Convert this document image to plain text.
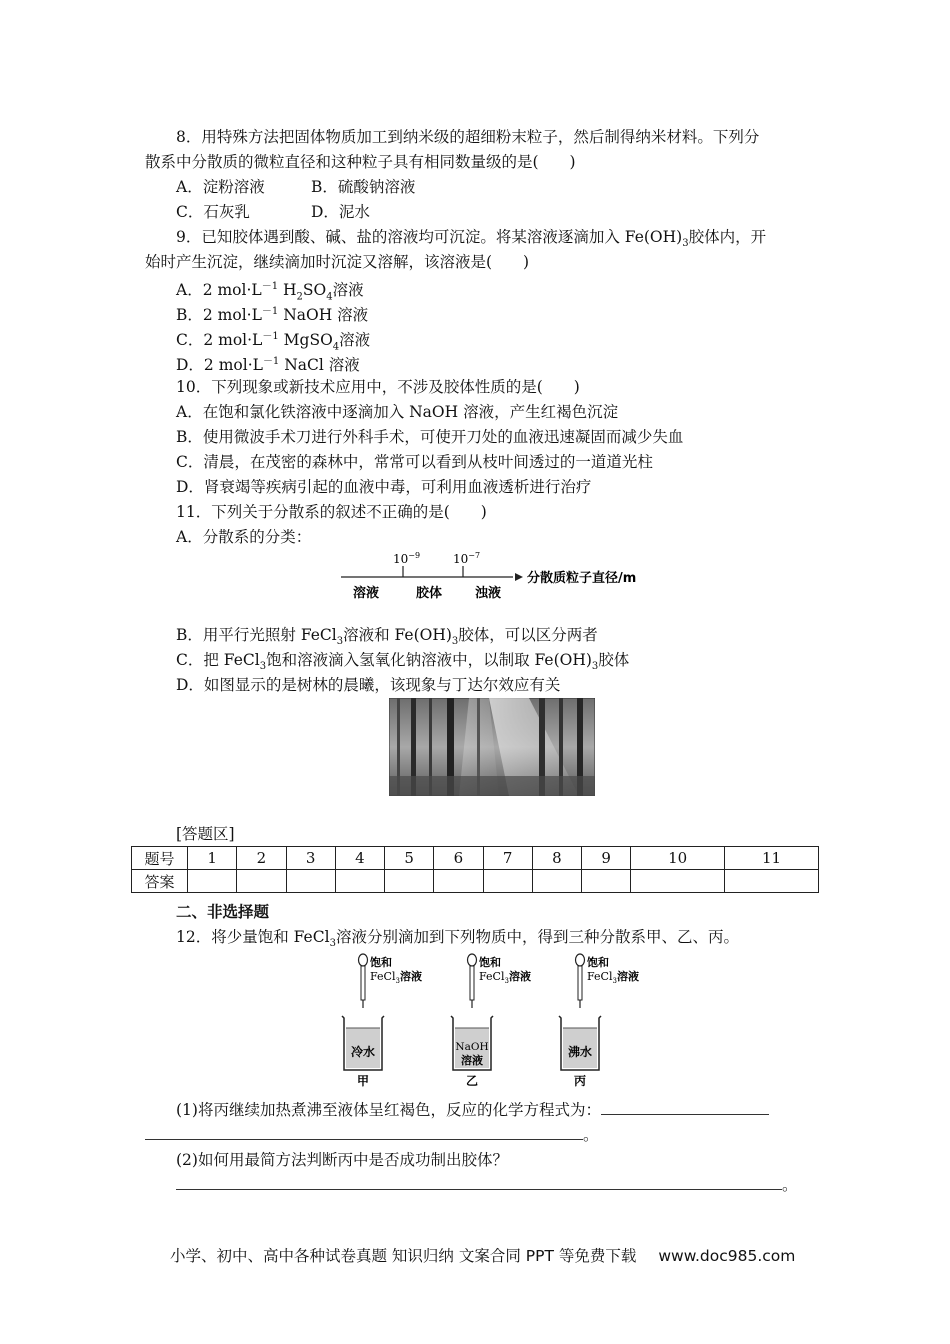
8．用特殊方法把固体物质加工到纳米级的超细粉末粒子，然后制得纳米材料。下列分
散系中分散质的微粒直径和这种粒子具有相同数量级的是(　　)
A．淀粉溶液	B．硫酸钠溶液
C．石灰乳	D．泥水
9．已知胶体遇到酸、碱、盐的溶液均可沉淀。将某溶液逐滴加入 $Fe(OH)_3$胶体内，开
始时产生沉淀，继续滴加时沉淀又溶解，该溶液是(　　)
A．2 $mol\cdot L^{-1}$ $H_2SO_4$溶液
B．2 $mol\cdot L^{-1}$ NaOH 溶液
C．2 $mol\cdot L^{-1}$ MgSO$_4$溶液
D．2 $mol\cdot L^{-1}$ NaCl 溶液
10．下列现象或新技术应用中，不涉及胶体性质的是(　　)
A．在饱和氯化铁溶液中逐滴加入 NaOH 溶液，产生红褐色沉淀
B．使用微波手术刀进行外科手术，可使开刀处的血液迅速凝固而减少失血
C．清晨，在茂密的森林中，常常可以看到从枝叶间透过的一道道光柱
D．肾衰竭等疾病引起的血液中毒，可利用血液透析进行治疗
11．下列关于分散系的叙述不正确的是(　　)
A．分散系的分类：
$10^{-9}$	$10^{-7}$
分散质粒子直径/m
溶液	胶体	浊液
B．用平行光照射 FeCl$_3$溶液和 $Fe(OH)_3$胶体，可以区分两者
C．把 FeCl$_3$饱和溶液滴入氢氧化钠溶液中，以制取 $Fe(OH)_3$胶体
D．如图显示的是树林的晨曦，该现象与丁达尔效应有关
[答题区]
题号	1	2	3	4	5	6	7	8	9	10	11
答案											
二、非选择题
12．将少量饱和 FeCl$_3$溶液分别滴加到下列物质中，得到三种分散系甲、乙、丙。
饱和
FeCl$_3$溶液
饱和
FeCl$_3$溶液
饱和
FeCl$_3$溶液
冷水
甲
NaOH
溶液
乙
沸水
丙
(1)将丙继续加热煮沸至液体呈红褐色，反应的化学方程式为：
。
(2)如何用最简方法判断丙中是否成功制出胶体？
。
小学、初中、高中各种试卷真题 知识归纳 文案合同 PPT 等免费下载 www.doc985.com
